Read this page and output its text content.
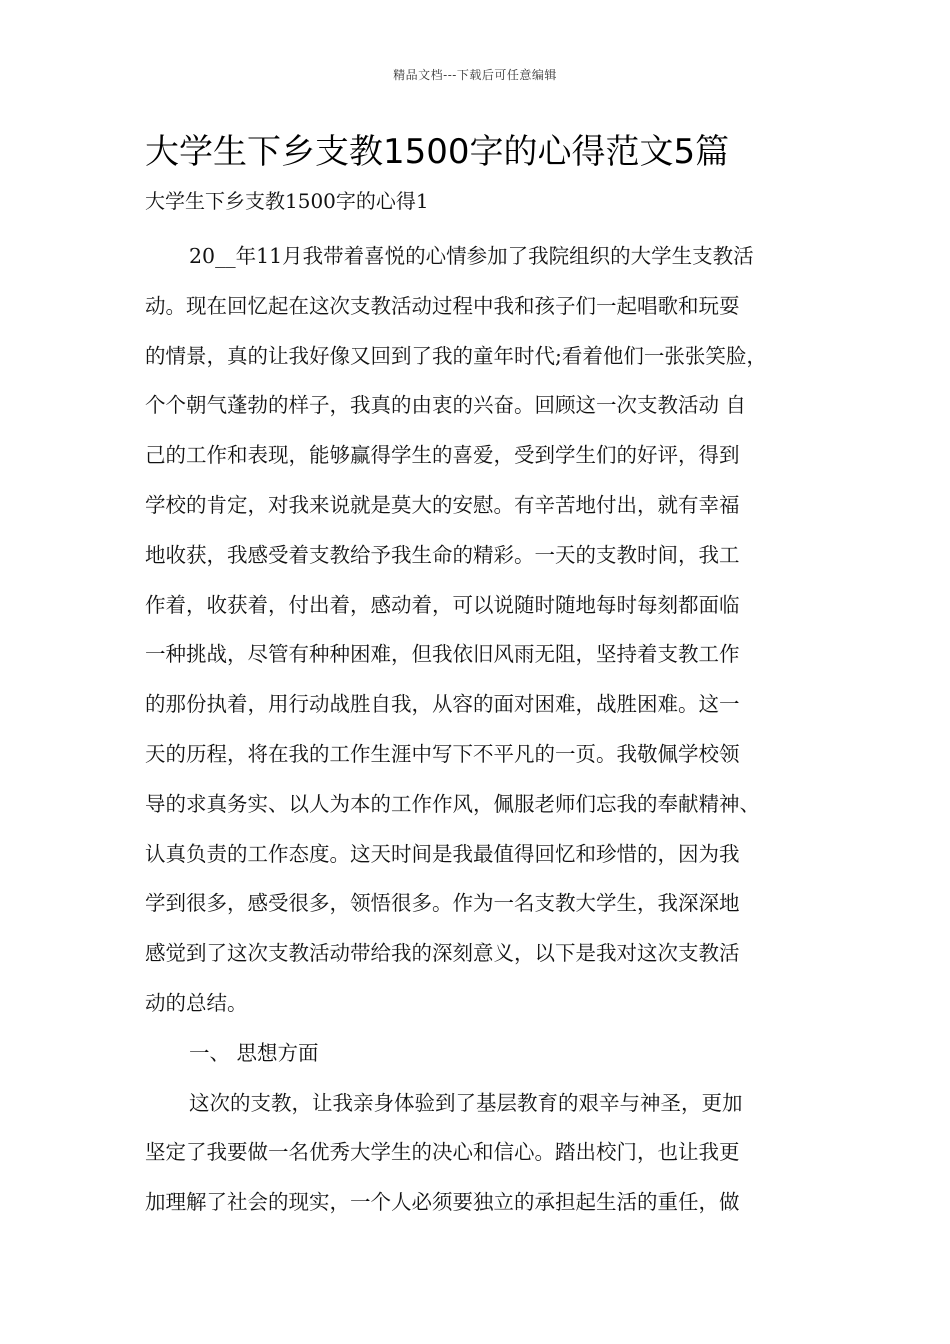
精品文档---下载后可任意编辑
大学生下乡支教1500字的心得范文5篇
大学生下乡支教1500字的心得1
20__年11月我带着喜悦的心情参加了我院组织的大学生支教活
动。现在回忆起在这次支教活动过程中我和孩子们一起唱歌和玩耍
的情景，真的让我好像又回到了我的童年时代;看着他们一张张笑脸，
个个朝气蓬勃的样子，我真的由衷的兴奋。回顾这一次支教活动 自
己的工作和表现，能够赢得学生的喜爱，受到学生们的好评，得到
学校的肯定，对我来说就是莫大的安慰。有辛苦地付出，就有幸福
地收获，我感受着支教给予我生命的精彩。一天的支教时间，我工
作着，收获着，付出着，感动着，可以说随时随地每时每刻都面临
一种挑战，尽管有种种困难，但我依旧风雨无阻，坚持着支教工作
的那份执着，用行动战胜自我，从容的面对困难，战胜困难。这一
天的历程，将在我的工作生涯中写下不平凡的一页。我敬佩学校领
导的求真务实、以人为本的工作作风，佩服老师们忘我的奉献精神、
认真负责的工作态度。这天时间是我最值得回忆和珍惜的，因为我
学到很多，感受很多，领悟很多。作为一名支教大学生，我深深地
感觉到了这次支教活动带给我的深刻意义，以下是我对这次支教活
动的总结。
一、 思想方面
这次的支教，让我亲身体验到了基层教育的艰辛与神圣，更加
坚定了我要做一名优秀大学生的决心和信心。踏出校门，也让我更
加理解了社会的现实，一个人必须要独立的承担起生活的重任，做
